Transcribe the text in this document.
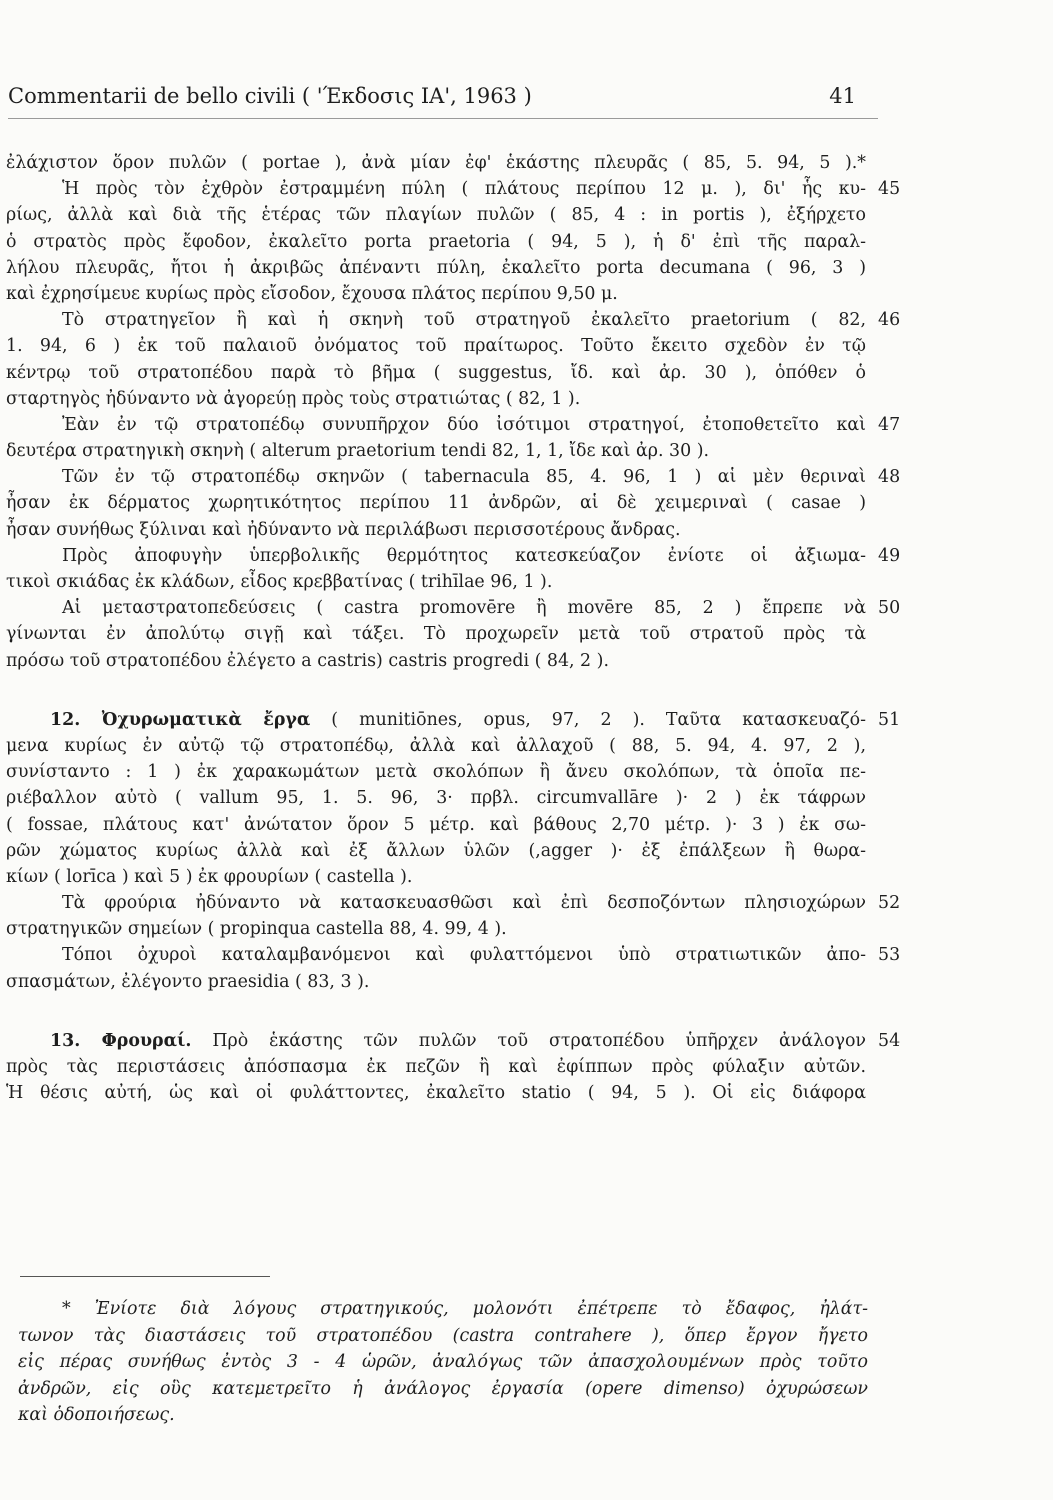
Commentarii de bello civili ( 'Έκδοσις ΙΑ', 1963 )	41
ἐλάχιστον ὅρον πυλῶν ( portae ), ἀνὰ μίαν ἐφ' ἑκάστης πλευρᾶς ( 85, 5. 94, 5 ).*
Ἡ πρὸς τὸν ἐχθρὸν ἐστραμμένη πύλη ( πλάτους περίπου 12 μ. ), δι' ἧς κυ- 45
ρίως, ἀλλὰ καὶ διὰ τῆς ἑτέρας τῶν πλαγίων πυλῶν ( 85, 4 : in portis ), ἐξήρχετο
ὁ στρατὸς πρὸς ἔφοδον, ἐκαλεῖτο porta praetoria ( 94, 5 ), ἡ δ' ἐπὶ τῆς παραλ-
λήλου πλευρᾶς, ἤτοι ἡ ἀκριβῶς ἀπέναντι πύλη, ἐκαλεῖτο porta decumana ( 96, 3 )
καὶ ἐχρησίμευε κυρίως πρὸς εἴσοδον, ἔχουσα πλάτος περίπου 9,50 μ.
Τὸ στρατηγεῖον ἢ καὶ ἡ σκηνὴ τοῦ στρατηγοῦ ἐκαλεῖτο praetorium ( 82, 46
1. 94, 6 ) ἐκ τοῦ παλαιοῦ ὀνόματος τοῦ πραίτωρος. Τοῦτο ἔκειτο σχεδὸν ἐν τῷ
κέντρῳ τοῦ στρατοπέδου παρὰ τὸ βῆμα ( suggestus, ἴδ. καὶ ἀρ. 30 ), ὁπόθεν ὁ
σταρτηγὸς ἠδύναντο νὰ ἀγορεύῃ πρὸς τοὺς στρατιώτας ( 82, 1 ).
Ἐὰν ἐν τῷ στρατοπέδῳ συνυπῆρχον δύο ἰσότιμοι στρατηγοί, ἐτοποθετεῖτο καὶ 47
δευτέρα στρατηγικὴ σκηνὴ ( alterum praetorium tendi 82, 1, 1, ἴδε καὶ ἀρ. 30 ).
Τῶν ἐν τῷ στρατοπέδῳ σκηνῶν ( tabernacula 85, 4. 96, 1 ) αἱ μὲν θεριναὶ 48
ἦσαν ἐκ δέρματος χωρητικότητος περίπου 11 ἀνδρῶν, αἱ δὲ χειμεριναὶ ( casae )
ἦσαν συνήθως ξύλιναι καὶ ἠδύναντο νὰ περιλάβωσι περισσοτέρους ἄνδρας.
Πρὸς ἀποφυγὴν ὑπερβολικῆς θερμότητος κατεσκεύαζον ἐνίοτε οἱ ἀξιωμα- 49
τικοὶ σκιάδας ἐκ κλάδων, εἶδος κρεββατίνας ( trihīlae 96, 1 ).
Αἱ μεταστρατοπεδεύσεις ( castra promovēre ἢ movēre 85, 2 ) ἔπρεπε νὰ 50
γίνωνται ἐν ἀπολύτῳ σιγῇ καὶ τάξει. Τὸ προχωρεῖν μετὰ τοῦ στρατοῦ πρὸς τὰ
πρόσω τοῦ στρατοπέδου ἐλέγετο a castris) castris progredi ( 84, 2 ).
12. Ὀχυρωματικὰ ἔργα ( munitiōnes, opus, 97, 2 ). Ταῦτα κατασκευαζό- 51
μενα κυρίως ἐν αὐτῷ τῷ στρατοπέδῳ, ἀλλὰ καὶ ἀλλαχοῦ ( 88, 5. 94, 4. 97, 2 ),
συνίσταντο : 1 ) ἐκ χαρακωμάτων μετὰ σκολόπων ἢ ἄνευ σκολόπων, τὰ ὁποῖα πε-
ριέβαλλον αὐτὸ ( vallum 95, 1. 5. 96, 3· πρβλ. circumvallāre )· 2 ) ἐκ τάφρων
( fossae, πλάτους κατ' ἀνώτατον ὅρον 5 μέτρ. καὶ βάθους 2,70 μέτρ. )· 3 ) ἐκ σω-
ρῶν χώματος κυρίως ἀλλὰ καὶ ἐξ ἄλλων ὑλῶν (,agger )· ἐξ ἐπάλξεων ἢ θωρα-
κίων ( lorīca ) καὶ 5 ) ἐκ φρουρίων ( castella ).
Τὰ φρούρια ἠδύναντο νὰ κατασκευασθῶσι καὶ ἐπὶ δεσποζόντων πλησιοχώρων 52
στρατηγικῶν σημείων ( propinqua castella 88, 4. 99, 4 ).
Τόποι ὀχυροὶ καταλαμβανόμενοι καὶ φυλαττόμενοι ὑπὸ στρατιωτικῶν ἀπο- 53
σπασμάτων, ἐλέγοντο praesidia ( 83, 3 ).
13. Φρουραί. Πρὸ ἑκάστης τῶν πυλῶν τοῦ στρατοπέδου ὑπῆρχεν ἀνάλογον 54
πρὸς τὰς περιστάσεις ἀπόσπασμα ἐκ πεζῶν ἢ καὶ ἐφίππων πρὸς φύλαξιν αὐτῶν.
Ἡ θέσις αὐτή, ὡς καὶ οἱ φυλάττοντες, ἐκαλεῖτο statio ( 94, 5 ). Οἱ εἰς διάφορα
* Ἐνίοτε διὰ λόγους στρατηγικούς, μολονότι ἐπέτρεπε τὸ ἔδαφος, ἠλάτ-
τωνον τὰς διαστάσεις τοῦ στρατοπέδου (castra contrahere ), ὅπερ ἔργον ἤγετο
εἰς πέρας συνήθως ἐντὸς 3 - 4 ὡρῶν, ἀναλόγως τῶν ἀπασχολουμένων πρὸς τοῦτο
ἀνδρῶν, εἰς οὓς κατεμετρεῖτο ἡ ἀνάλογος ἐργασία (opere dimenso) ὀχυρώσεων
καὶ ὁδοποιήσεως.
